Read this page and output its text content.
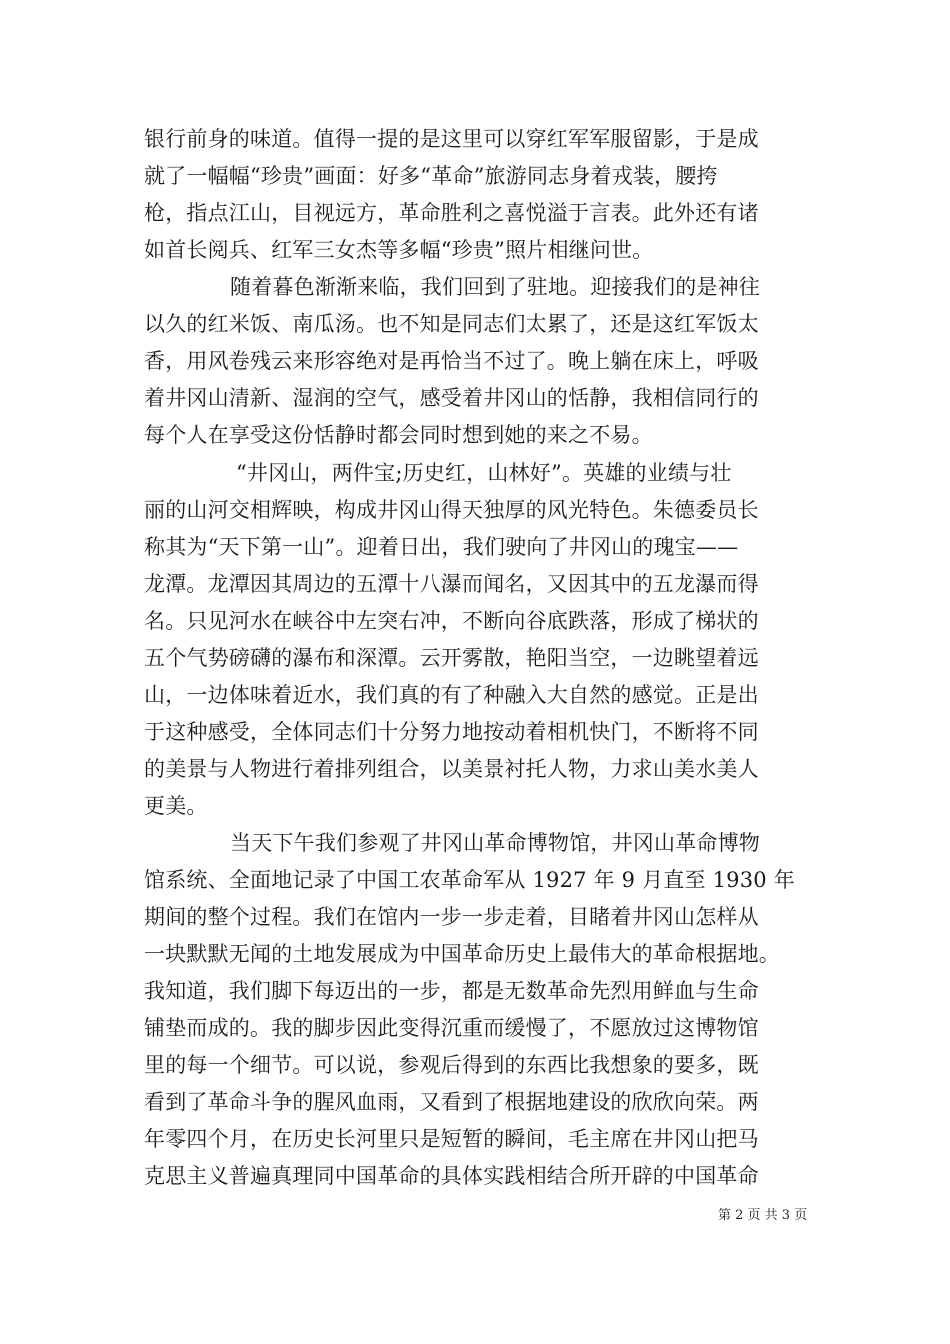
银行前身的味道。值得一提的是这里可以穿红军军服留影，于是成
就了一幅幅“珍贵”画面：好多“革命”旅游同志身着戎装，腰挎
枪，指点江山，目视远方，革命胜利之喜悦溢于言表。此外还有诸
如首长阅兵、红军三女杰等多幅“珍贵”照片相继问世。
随着暮色渐渐来临，我们回到了驻地。迎接我们的是神往
以久的红米饭、南瓜汤。也不知是同志们太累了，还是这红军饭太
香，用风卷残云来形容绝对是再恰当不过了。晚上躺在床上，呼吸
着井冈山清新、湿润的空气，感受着井冈山的恬静，我相信同行的
每个人在享受这份恬静时都会同时想到她的来之不易。
“井冈山，两件宝;历史红，山林好”。英雄的业绩与壮
丽的山河交相辉映，构成井冈山得天独厚的风光特色。朱德委员长
称其为“天下第一山”。迎着日出，我们驶向了井冈山的瑰宝——
龙潭。龙潭因其周边的五潭十八瀑而闻名，又因其中的五龙瀑而得
名。只见河水在峡谷中左突右冲，不断向谷底跌落，形成了梯状的
五个气势磅礴的瀑布和深潭。云开雾散，艳阳当空，一边眺望着远
山，一边体味着近水，我们真的有了种融入大自然的感觉。正是出
于这种感受，全体同志们十分努力地按动着相机快门，不断将不同
的美景与人物进行着排列组合，以美景衬托人物，力求山美水美人
更美。
当天下午我们参观了井冈山革命博物馆，井冈山革命博物
馆系统、全面地记录了中国工农革命军从 1927 年 9 月直至 1930 年
期间的整个过程。我们在馆内一步一步走着，目睹着井冈山怎样从
一块默默无闻的土地发展成为中国革命历史上最伟大的革命根据地。
我知道，我们脚下每迈出的一步，都是无数革命先烈用鲜血与生命
铺垫而成的。我的脚步因此变得沉重而缓慢了，不愿放过这博物馆
里的每一个细节。可以说，参观后得到的东西比我想象的要多，既
看到了革命斗争的腥风血雨，又看到了根据地建设的欣欣向荣。两
年零四个月，在历史长河里只是短暂的瞬间，毛主席在井冈山把马
克思主义普遍真理同中国革命的具体实践相结合所开辟的中国革命
第 2 页 共 3 页
